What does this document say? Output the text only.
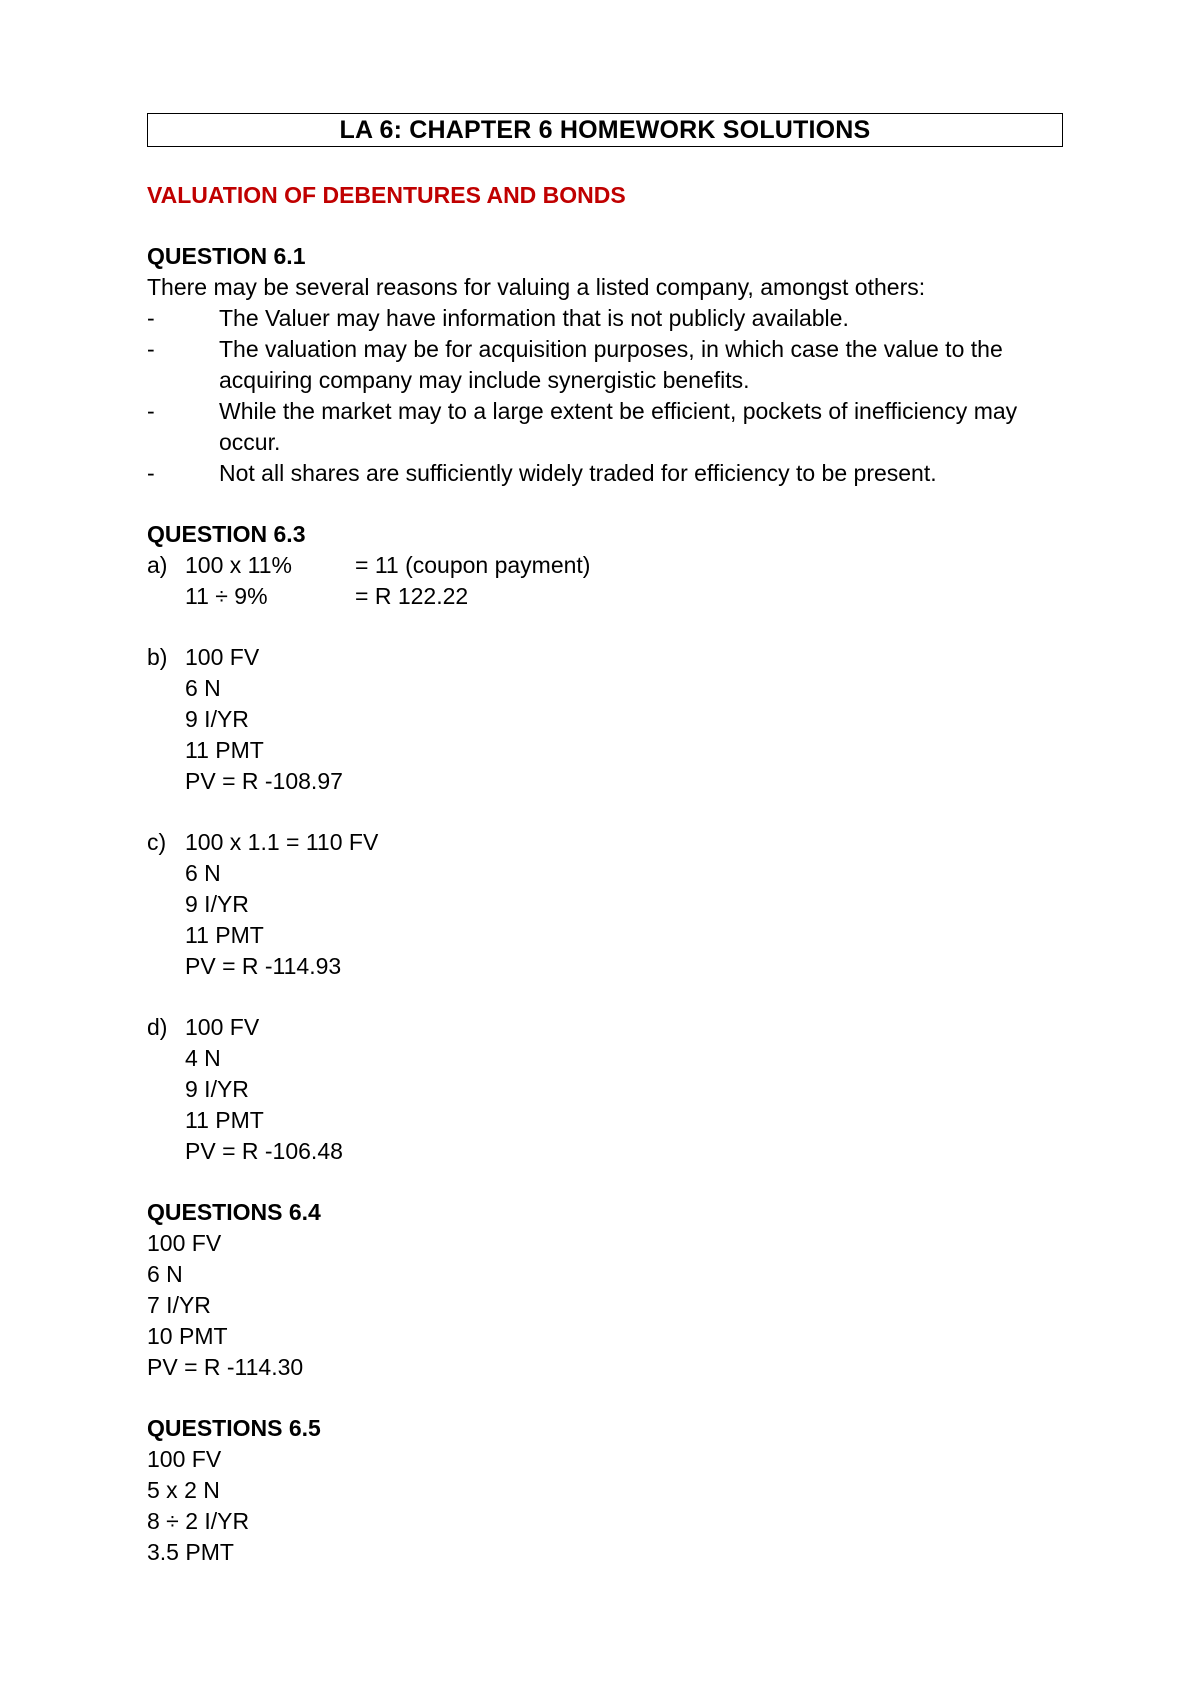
LA 6: CHAPTER 6 HOMEWORK SOLUTIONS
VALUATION OF DEBENTURES AND BONDS
QUESTION 6.1
There may be several reasons for valuing a listed company, amongst others:
-	The Valuer may have information that is not publicly available.
-	The valuation may be for acquisition purposes, in which case the value to the
acquiring company may include synergistic benefits.
-	While the market may to a large extent be efficient, pockets of inefficiency may
occur.
-	Not all shares are sufficiently widely traded for efficiency to be present.
QUESTION 6.3
a) 100 x 11%	= 11 (coupon payment)
11 ÷ 9%	= R 122.22
b) 100 FV
6 N
9 I/YR
11 PMT
PV = R -108.97
c) 100 x 1.1 = 110 FV
6 N
9 I/YR
11 PMT
PV = R -114.93
d) 100 FV
4 N
9 I/YR
11 PMT
PV = R -106.48
QUESTIONS 6.4
100 FV
6 N
7 I/YR
10 PMT
PV = R -114.30
QUESTIONS 6.5
100 FV
5 x 2 N
8 ÷ 2 I/YR
3.5 PMT
